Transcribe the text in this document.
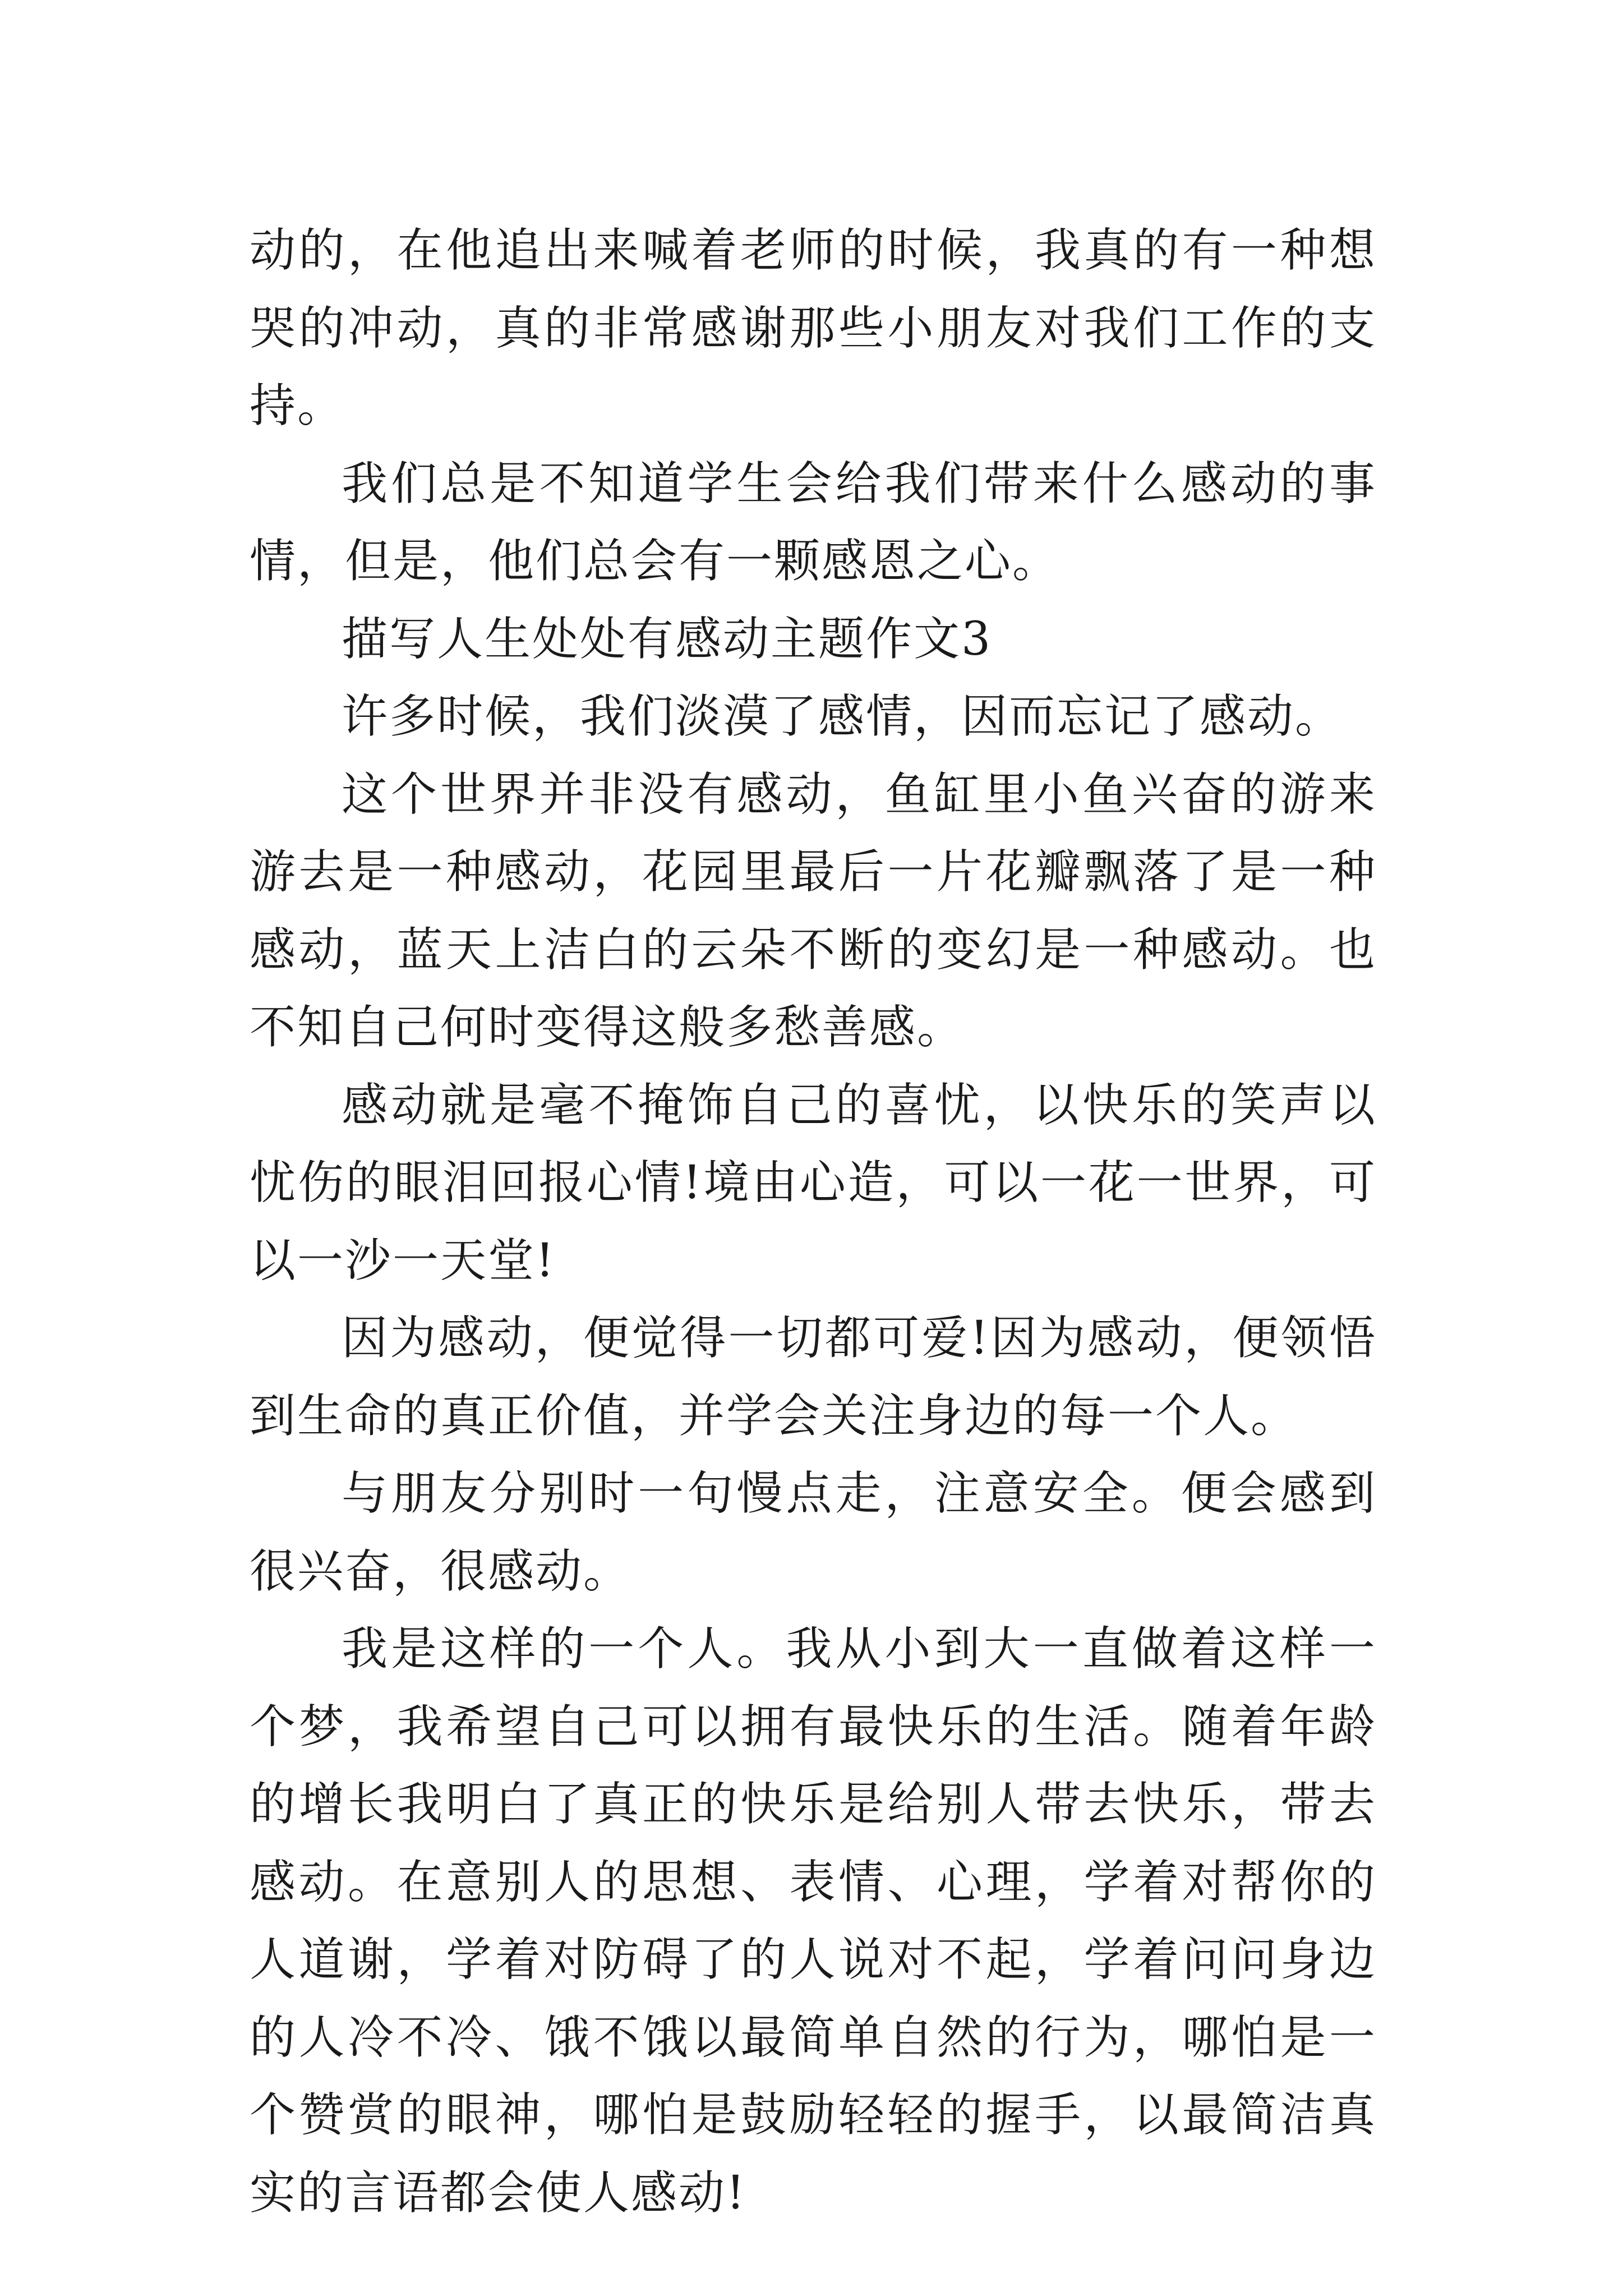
动的，在他追出来喊着老师的时候，我真的有一种想哭的冲动，真的非常感谢那些小朋友对我们工作的支持。

我们总是不知道学生会给我们带来什么感动的事情，但是，他们总会有一颗感恩之心。

描写人生处处有感动主题作文3

许多时候，我们淡漠了感情，因而忘记了感动。

这个世界并非没有感动，鱼缸里小鱼兴奋的游来游去是一种感动，花园里最后一片花瓣飘落了是一种感动，蓝天上洁白的云朵不断的变幻是一种感动。也不知自己何时变得这般多愁善感。

感动就是毫不掩饰自己的喜忧，以快乐的笑声以忧伤的眼泪回报心情!境由心造，可以一花一世界，可以一沙一天堂!

因为感动，便觉得一切都可爱!因为感动，便领悟到生命的真正价值，并学会关注身边的每一个人。

与朋友分别时一句慢点走，注意安全。便会感到很兴奋，很感动。

我是这样的一个人。我从小到大一直做着这样一个梦，我希望自己可以拥有最快乐的生活。随着年龄的增长我明白了真正的快乐是给别人带去快乐，带去感动。在意别人的思想、表情、心理，学着对帮你的人道谢，学着对防碍了的人说对不起，学着问问身边的人冷不冷、饿不饿以最简单自然的行为，哪怕是一个赞赏的眼神，哪怕是鼓励轻轻的握手，以最简洁真实的言语都会使人感动!
